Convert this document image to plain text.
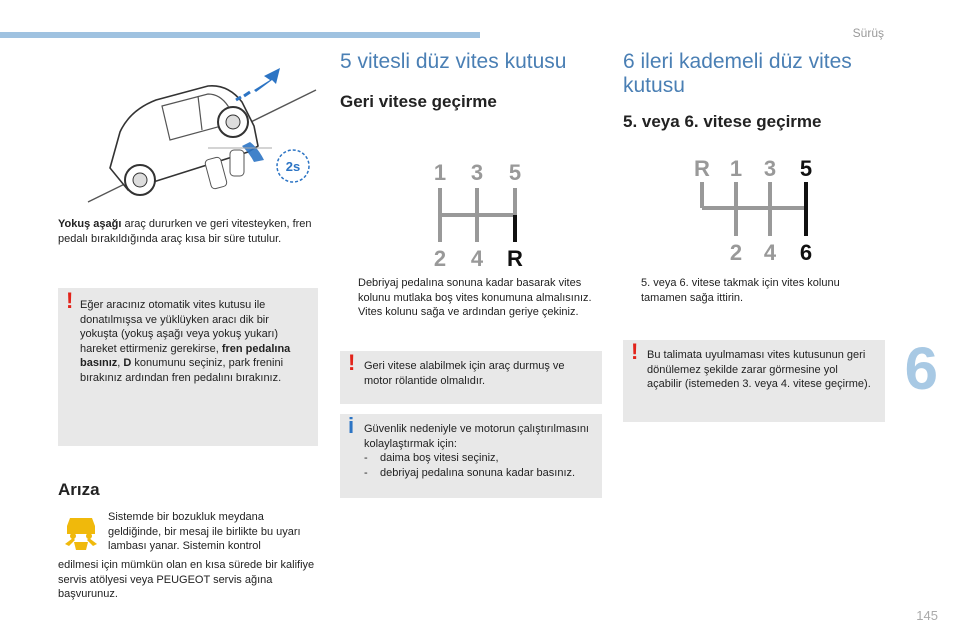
Sürüş
6
145
2s

Yokuş aşağı araç dururken ve geri vitesteyken, fren pedalı bırakıldığında araç kısa bir süre tutulur.

! Eğer aracınız otomatik vites kutusu ile donatılmışsa ve yüklüyken aracı dik bir yokuşta (yokuş aşağı veya yokuş yukarı) hareket ettirmeniz gerekirse, fren pedalına basınız, D konumunu seçiniz, park frenini bırakınız ardından fren pedalını bırakınız.
Arıza

Sistemde bir bozukluk meydana geldiğinde, bir mesaj ile birlikte bu uyarı lambası yanar. Sistemin kontrol

edilmesi için mümkün olan en kısa sürede bir kalifiye servis atölyesi veya PEUGEOT servis ağına başvurunuz.

5 vitesli düz vites kutusu
Geri vitese geçirme
1 3 5
2 4 R
Debriyaj pedalına sonuna kadar basarak vites kolunu mutlaka boş vites konumuna almalısınız.
Vites kolunu sağa ve ardından geriye çekiniz.
! Geri vitese alabilmek için araç durmuş ve motor rölantide olmalıdır.
i Güvenlik nedeniyle ve motorun çalıştırılmasını kolaylaştırmak için:
- daima boş vitesi seçiniz,
- debriyaj pedalına sonuna kadar basınız.
6 ileri kademeli düz vites kutusu
5. veya 6. vitese geçirme
R 1 3 5
2 4 6
5. veya 6. vitese takmak için vites kolunu tamamen sağa ittirin.
! Bu talimata uyulmaması vites kutusunun geri dönülemez şekilde zarar görmesine yol açabilir (istemeden 3. veya 4. vitese geçirme).
